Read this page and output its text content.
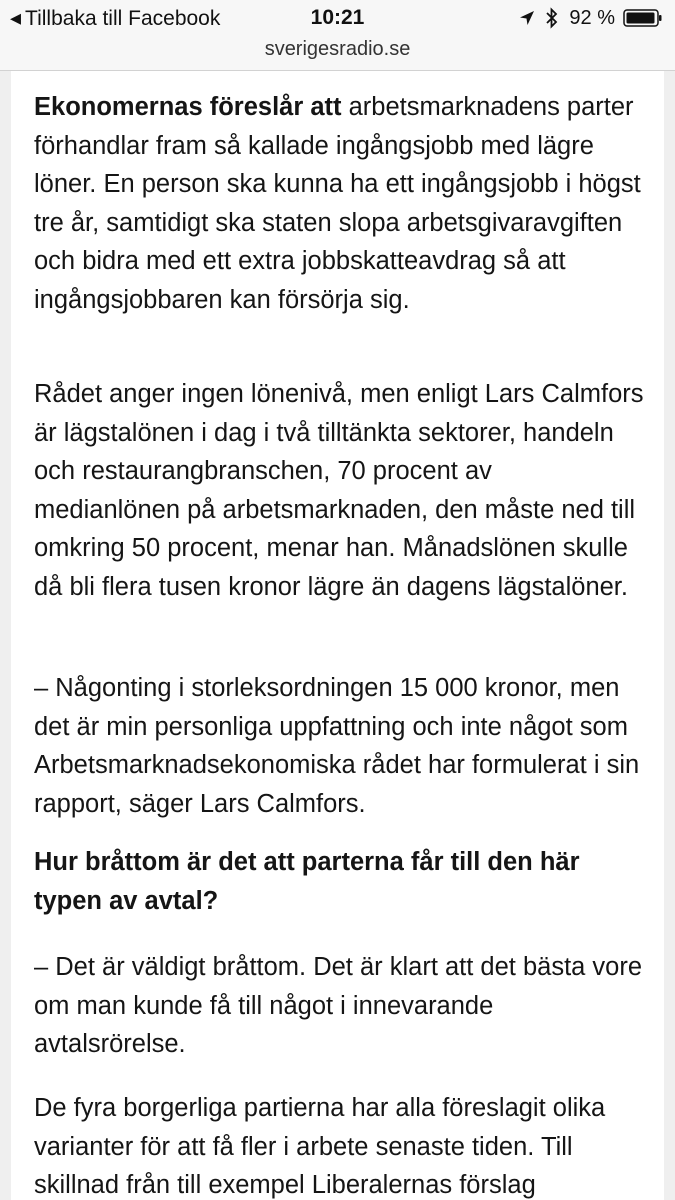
◂ Tillbaka till Facebook	10:21	92 %
sverigesradio.se

Ekonomernas föreslår att arbetsmarknadens parter förhandlar fram så kallade ingångsjobb med lägre löner. En person ska kunna ha ett ingångsjobb i högst tre år, samtidigt ska staten slopa arbetsgivaravgiften och bidra med ett extra jobbskatteavdrag så att ingångsjobbaren kan försörja sig.

Rådet anger ingen lönenivå, men enligt Lars Calmfors är lägstalönen i dag i två tilltänkta sektorer, handeln och restaurangbranschen, 70 procent av medianlönen på arbetsmarknaden, den måste ned till omkring 50 procent, menar han. Månadslönen skulle då bli flera tusen kronor lägre än dagens lägstalöner.

– Någonting i storleksordningen 15 000 kronor, men det är min personliga uppfattning och inte något som Arbetsmarknadsekonomiska rådet har formulerat i sin rapport, säger Lars Calmfors.

Hur bråttom är det att parterna får till den här typen av avtal?

– Det är väldigt bråttom. Det är klart att det bästa vore om man kunde få till något i innevarande avtalsrörelse.

De fyra borgerliga partierna har alla föreslagit olika varianter för att få fler i arbete senaste tiden. Till skillnad från till exempel Liberalernas förslag
